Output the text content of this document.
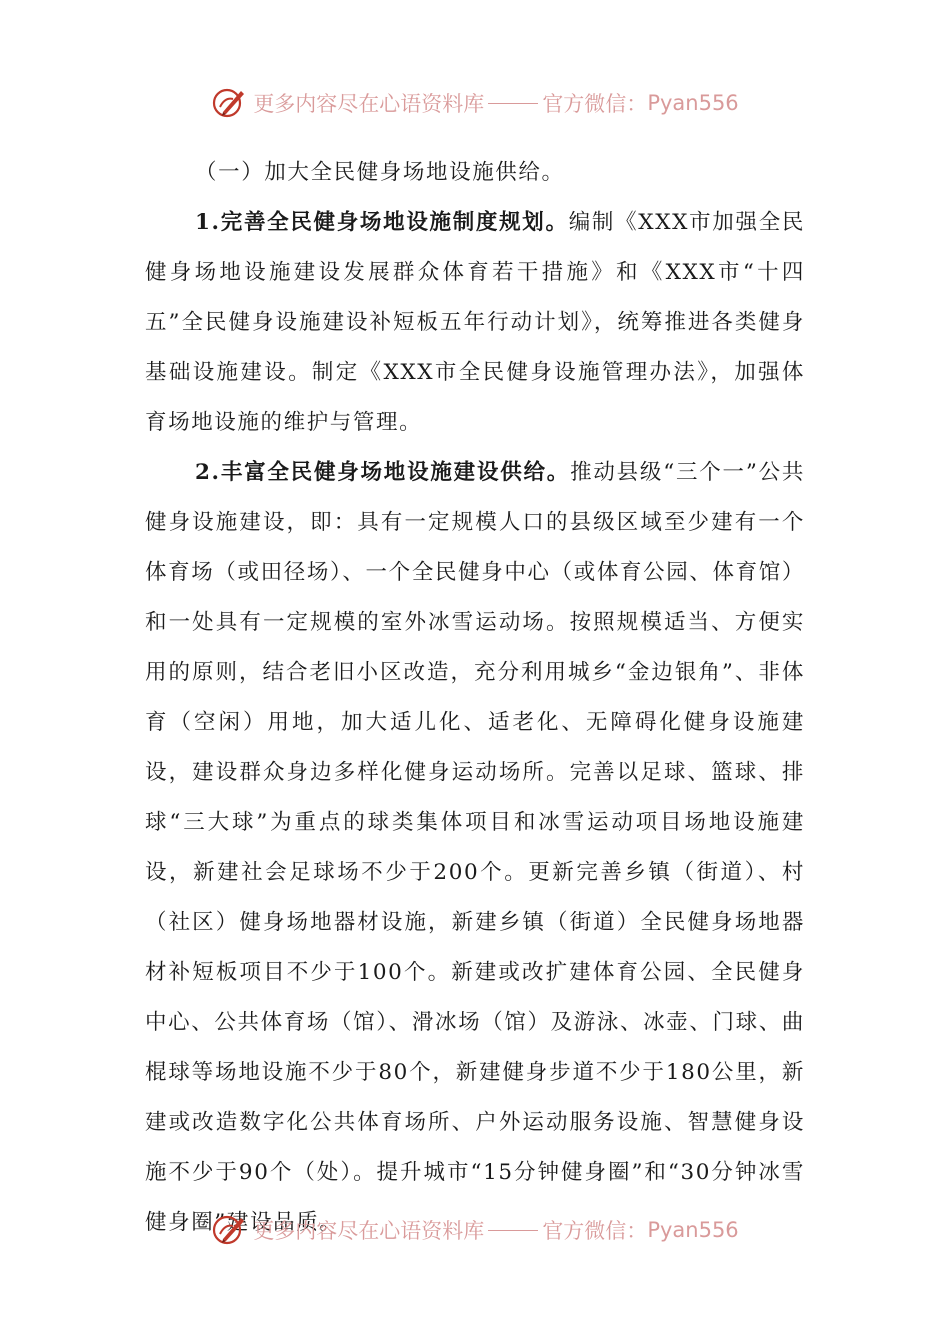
更多内容尽在心语资料库	官方微信： Pyan556

（一）加大全民健身场地设施供给。

1.完善全民健身场地设施制度规划。编制《XXX市加强全民健身场地设施建设发展群众体育若干措施》和《XXX市“十四五”全民健身设施建设补短板五年行动计划》，统筹推进各类健身基础设施建设。制定《XXX市全民健身设施管理办法》，加强体育场地设施的维护与管理。

2.丰富全民健身场地设施建设供给。推动县级“三个一”公共健身设施建设，即：具有一定规模人口的县级区域至少建有一个体育场（或田径场）、一个全民健身中心（或体育公园、体育馆）和一处具有一定规模的室外冰雪运动场。按照规模适当、方便实用的原则，结合老旧小区改造，充分利用城乡“金边银角”、非体育（空闲）用地，加大适儿化、适老化、无障碍化健身设施建设，建设群众身边多样化健身运动场所。完善以足球、篮球、排球“三大球”为重点的球类集体项目和冰雪运动项目场地设施建设，新建社会足球场不少于200个。更新完善乡镇（街道）、村（社区）健身场地器材设施，新建乡镇（街道）全民健身场地器材补短板项目不少于100个。新建或改扩建体育公园、全民健身中心、公共体育场（馆）、滑冰场（馆）及游泳、冰壶、门球、曲棍球等场地设施不少于80个，新建健身步道不少于180公里，新建或改造数字化公共体育场所、户外运动服务设施、智慧健身设施不少于90个（处）。提升城市“15分钟健身圈”和“30分钟冰雪健身圈”建设品质。

更多内容尽在心语资料库	官方微信： Pyan556
